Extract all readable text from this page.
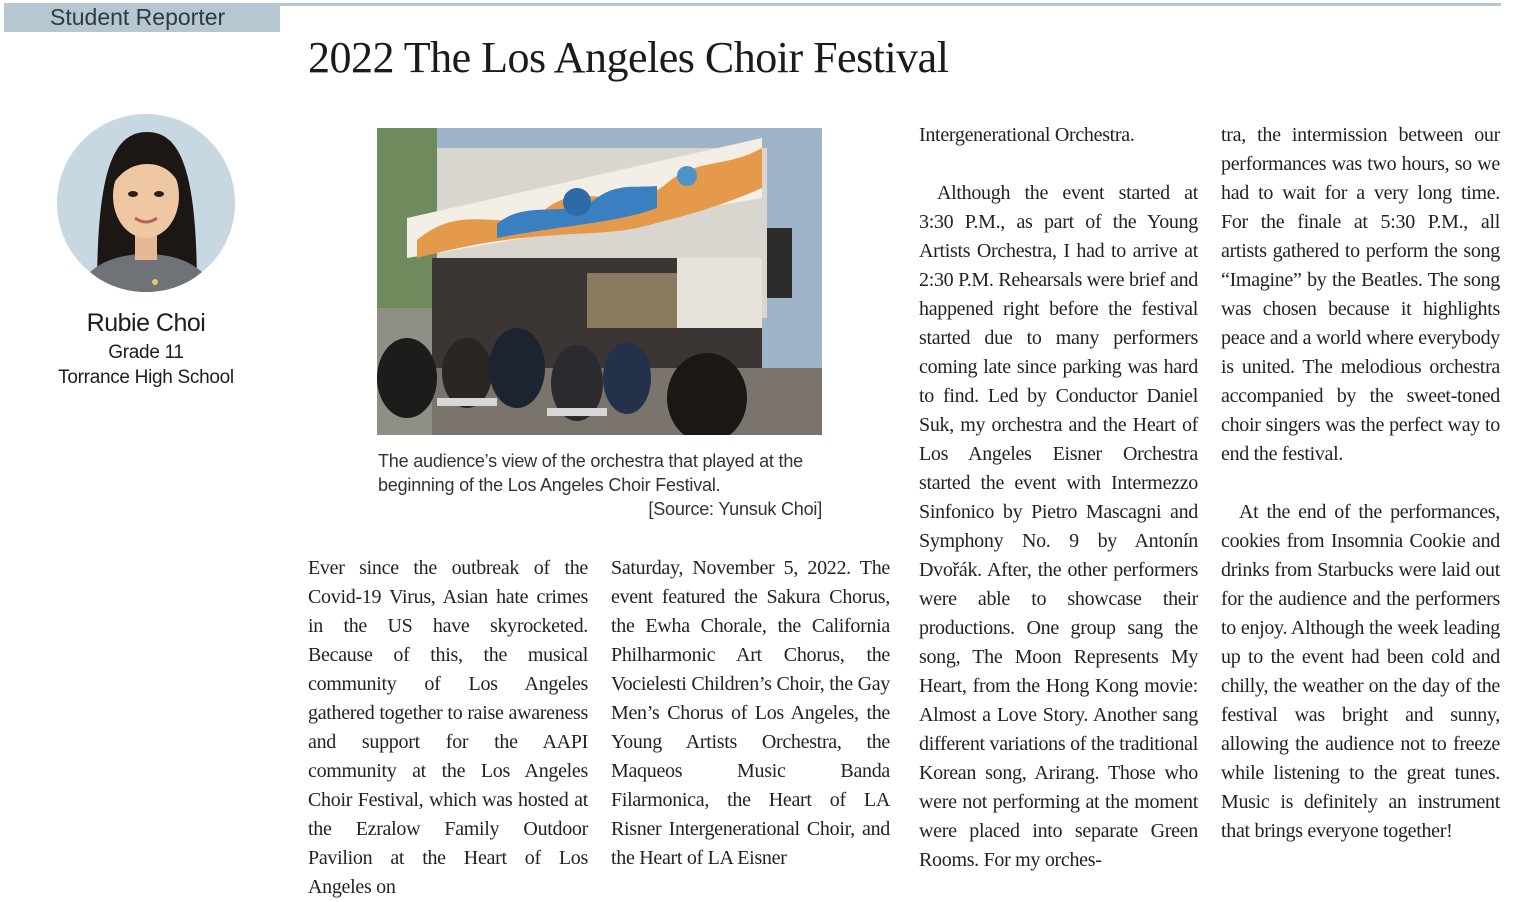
Student Reporter
2022 The Los Angeles Choir Festival
Rubie Choi
Grade 11
Torrance High School
The audience’s view of the orchestra that played at the beginning of the Los Angeles Choir Festival.
[Source: Yunsuk Choi]

Ever since the outbreak of the Covid-19 Virus, Asian hate crimes in the US have skyrocketed. Because of this, the musical community of Los Angeles gathered together to raise awareness and support for the AAPI community at the Los Angeles Choir Festival, which was hosted at the Ezralow Family Outdoor Pavilion at the Heart of Los Angeles on

Saturday, November 5, 2022. The event featured the Sakura Chorus, the Ewha Chorale, the California Philharmonic Art Chorus, the Vocielesti Children’s Choir, the Gay Men’s Chorus of Los Angeles, the Young Artists Orchestra, the Maqueos Music Banda Filarmonica, the Heart of LA Risner Intergenerational Choir, and the Heart of LA Eisner

Intergenerational Orchestra.

Although the event started at 3:30 P.M., as part of the Young Artists Orchestra, I had to arrive at 2:30 P.M. Rehearsals were brief and happened right before the festival started due to many performers coming late since parking was hard to find. Led by Conductor Daniel Suk, my orchestra and the Heart of Los Angeles Eisner Orchestra started the event with Intermezzo Sinfonico by Pietro Mascagni and Symphony No. 9 by Antonín Dvořák. After, the other performers were able to showcase their productions. One group sang the song, The Moon Represents My Heart, from the Hong Kong movie: Almost a Love Story. Another sang different variations of the traditional Korean song, Arirang. Those who were not performing at the moment were placed into separate Green Rooms. For my orches-

tra, the intermission between our performances was two hours, so we had to wait for a very long time. For the finale at 5:30 P.M., all artists gathered to perform the song “Imagine” by the Beatles. The song was chosen because it highlights peace and a world where everybody is united. The melodious orchestra accompanied by the sweet-toned choir singers was the perfect way to end the festival.

At the end of the performances, cookies from Insomnia Cookie and drinks from Starbucks were laid out for the audience and the performers to enjoy. Although the week leading up to the event had been cold and chilly, the weather on the day of the festival was bright and sunny, allowing the audience not to freeze while listening to the great tunes. Music is definitely an instrument that brings everyone together!
